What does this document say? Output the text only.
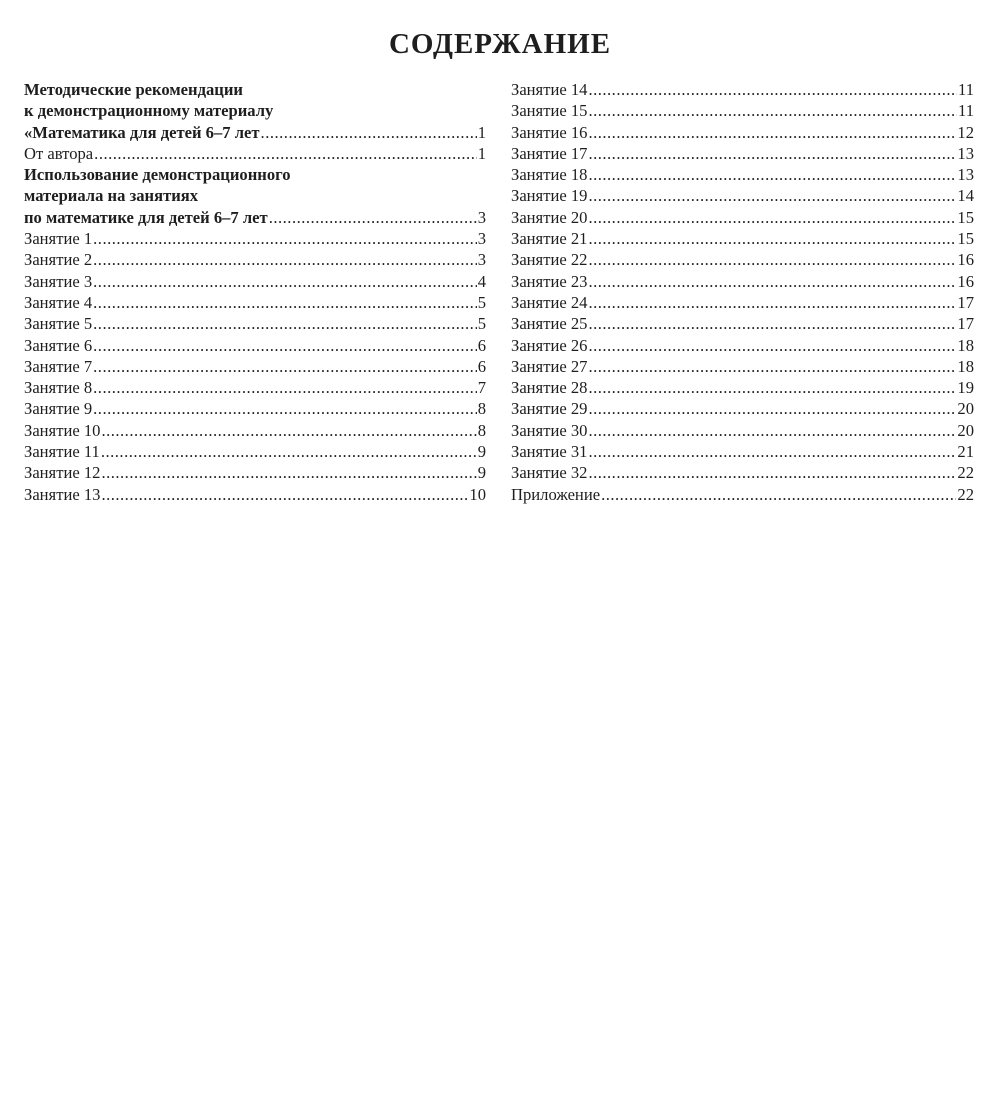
СОДЕРЖАНИЕ
Методические рекомендации
к демонстрационному материалу
«Математика для детей 6–7 лет .....	1
От автора .....	1
Использование демонстрационного
материала на занятиях
по математике для детей 6–7 лет .....	3
Занятие 1 .....	3
Занятие 2 .....	3
Занятие 3 .....	4
Занятие 4 .....	5
Занятие 5 .....	5
Занятие 6 .....	6
Занятие 7 .....	6
Занятие 8 .....	7
Занятие 9 .....	8
Занятие 10 .....	8
Занятие 11 .....	9
Занятие 12 .....	9
Занятие 13 .....	10
Занятие 14 .....	11
Занятие 15 .....	11
Занятие 16 .....	12
Занятие 17 .....	13
Занятие 18 .....	13
Занятие 19 .....	14
Занятие 20 .....	15
Занятие 21 .....	15
Занятие 22 .....	16
Занятие 23 .....	16
Занятие 24 .....	17
Занятие 25 .....	17
Занятие 26 .....	18
Занятие 27 .....	18
Занятие 28 .....	19
Занятие 29 .....	20
Занятие 30 .....	20
Занятие 31 .....	21
Занятие 32 .....	22
Приложение .....	22
